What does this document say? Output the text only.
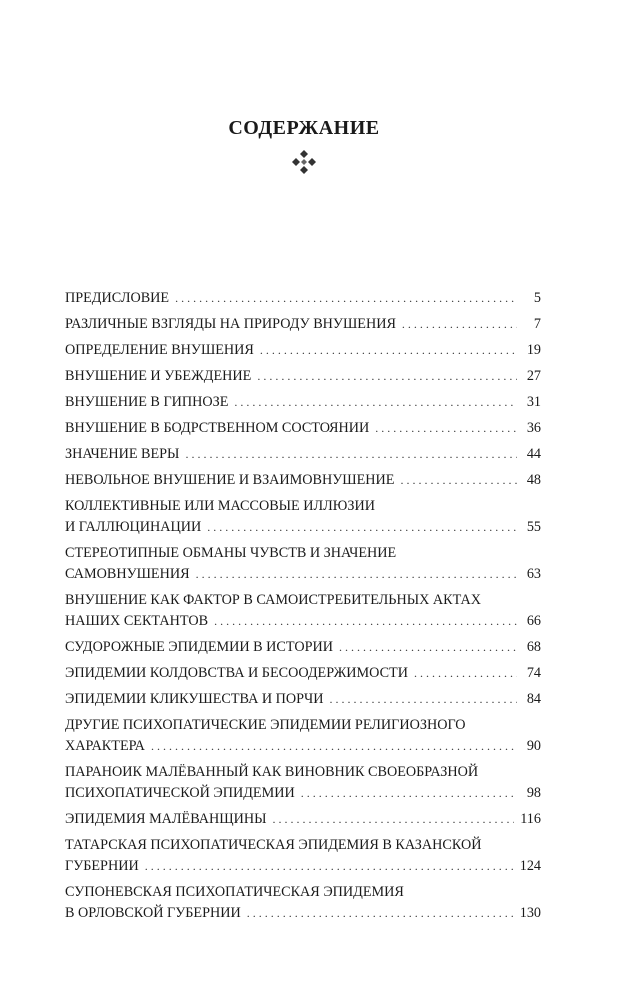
СОДЕРЖАНИЕ
ПРЕДИСЛОВИЕ . . .	5
РАЗЛИЧНЫЕ ВЗГЛЯДЫ НА ПРИРОДУ ВНУШЕНИЯ . . .	7
ОПРЕДЕЛЕНИЕ ВНУШЕНИЯ . . .	19
ВНУШЕНИЕ И УБЕЖДЕНИЕ . . .	27
ВНУШЕНИЕ В ГИПНОЗЕ . . .	31
ВНУШЕНИЕ В БОДРСТВЕННОМ СОСТОЯНИИ . . .	36
ЗНАЧЕНИЕ ВЕРЫ . . .	44
НЕВОЛЬНОЕ ВНУШЕНИЕ И ВЗАИМОВНУШЕНИЕ . . .	48
КОЛЛЕКТИВНЫЕ ИЛИ МАССОВЫЕ ИЛЛЮЗИИ
И ГАЛЛЮЦИНАЦИИ . . .	55
СТЕРЕОТИПНЫЕ ОБМАНЫ ЧУВСТВ И ЗНАЧЕНИЕ
САМОВНУШЕНИЯ . . .	63
ВНУШЕНИЕ КАК ФАКТОР В САМОИСТРЕБИТЕЛЬНЫХ АКТАХ
НАШИХ СЕКТАНТОВ . . .	66
СУДОРОЖНЫЕ ЭПИДЕМИИ В ИСТОРИИ . . .	68
ЭПИДЕМИИ КОЛДОВСТВА И БЕСООДЕРЖИМОСТИ . . .	74
ЭПИДЕМИИ КЛИКУШЕСТВА И ПОРЧИ . . .	84
ДРУГИЕ ПСИХОПАТИЧЕСКИЕ ЭПИДЕМИИ РЕЛИГИОЗНОГО
ХАРАКТЕРА . . .	90
ПАРАНОИК МАЛЁВАННЫЙ КАК ВИНОВНИК СВОЕОБРАЗНОЙ
ПСИХОПАТИЧЕСКОЙ ЭПИДЕМИИ . . .	98
ЭПИДЕМИЯ МАЛЁВАНЩИНЫ . . .	116
ТАТАРСКАЯ ПСИХОПАТИЧЕСКАЯ ЭПИДЕМИЯ В КАЗАНСКОЙ
ГУБЕРНИИ . . .	124
СУПОНЕВСКАЯ ПСИХОПАТИЧЕСКАЯ ЭПИДЕМИЯ
В ОРЛОВСКОЙ ГУБЕРНИИ . . .	130
